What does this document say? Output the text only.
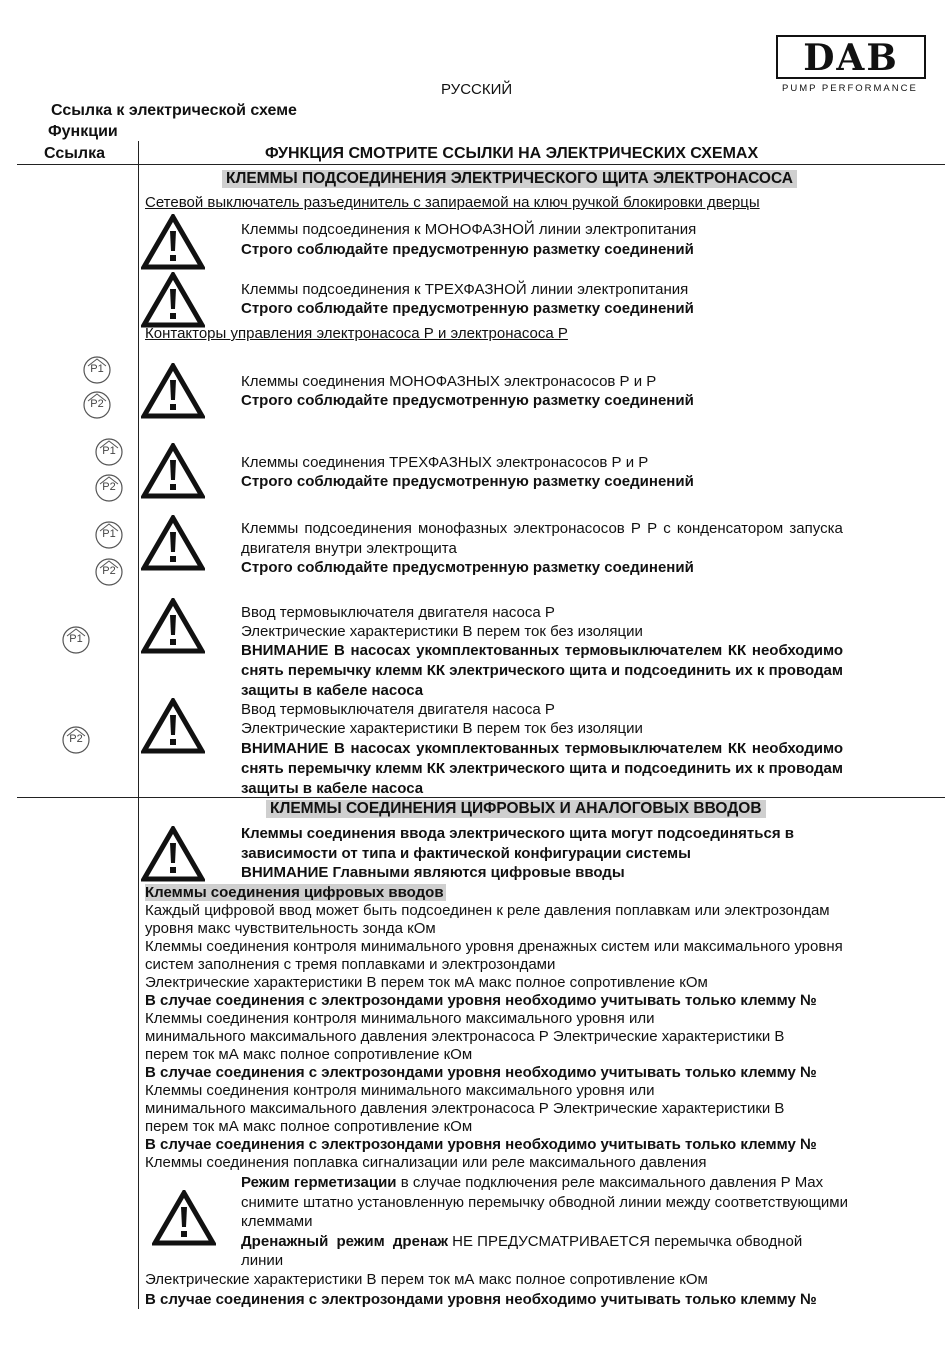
РУССКИЙ
Ссылка к электрической схеме
Функции
DAB
PUMP PERFORMANCE
Ссылка	ФУНКЦИЯ СМОТРИТЕ ССЫЛКИ НА ЭЛЕКТРИЧЕСКИХ СХЕМАХ
КЛЕММЫ ПОДСОЕДИНЕНИЯ ЭЛЕКТРИЧЕСКОГО ЩИТА ЭЛЕКТРОНАСОСА
Сетевой выключатель разъединитель с запираемой на ключ ручкой блокировки дверцы
Клеммы подсоединения к МОНОФАЗНОЙ линии электропитания
Строго соблюдайте предусмотренную разметку соединений
Клеммы подсоединения к ТРЕХФАЗНОЙ линии электропитания
Строго соблюдайте предусмотренную разметку соединений
Контакторы управления электронасоса Р и электронасоса Р
P1
P2
Клеммы соединения МОНОФАЗНЫХ электронасосов Р и Р
Строго соблюдайте предусмотренную разметку соединений
P1
P2
Клеммы соединения ТРЕХФАЗНЫХ электронасосов Р и Р
Строго соблюдайте предусмотренную разметку соединений
P1
P2
Клеммы подсоединения монофазных электронасосов Р Р с конденсатором запуска
двигателя внутри электрощита
Строго соблюдайте предусмотренную разметку соединений
P1
Ввод термовыключателя двигателя насоса Р
Электрические характеристики В перем ток без изоляции
ВНИМАНИЕ В насосах укомплектованных термовыключателем КК необходимо
снять перемычку клемм КК электрического щита и подсоединить их к проводам
защиты в кабеле насоса
P2
Ввод термовыключателя двигателя насоса Р
Электрические характеристики В перем ток без изоляции
ВНИМАНИЕ В насосах укомплектованных термовыключателем КК необходимо
снять перемычку клемм КК электрического щита и подсоединить их к проводам
защиты в кабеле насоса
КЛЕММЫ СОЕДИНЕНИЯ ЦИФРОВЫХ И АНАЛОГОВЫХ ВВОДОВ
Клеммы соединения ввода электрического щита могут подсоединяться в
зависимости от типа и фактической конфигурации системы
ВНИМАНИЕ Главными являются цифровые вводы
Клеммы соединения цифровых вводов
Каждый цифровой ввод может быть подсоединен к реле давления поплавкам или электрозондам
уровня макс чувствительность зонда кОм
Клеммы соединения контроля минимального уровня дренажных систем или максимального уровня
систем заполнения с тремя поплавками и электрозондами
Электрические характеристики В перем ток мА макс полное сопротивление кОм
В случае соединения с электрозондами уровня необходимо учитывать только клемму №
Клеммы соединения контроля минимального максимального уровня или
минимального максимального давления электронасоса Р Электрические характеристики В
перем ток мА макс полное сопротивление кОм
В случае соединения с электрозондами уровня необходимо учитывать только клемму №
Клеммы соединения контроля минимального максимального уровня или
минимального максимального давления электронасоса Р Электрические характеристики В
перем ток мА макс полное сопротивление кОм
В случае соединения с электрозондами уровня необходимо учитывать только клемму №
Клеммы соединения поплавка сигнализации или реле максимального давления
Режим герметизации в случае подключения реле максимального давления Р Max
снимите штатно установленную перемычку обводной линии между соответствующими
клеммами
Дренажный режим дренаж НЕ ПРЕДУСМАТРИВАЕТСЯ перемычка обводной
линии
Электрические характеристики В перем ток мА макс полное сопротивление кОм
В случае соединения с электрозондами уровня необходимо учитывать только клемму №
